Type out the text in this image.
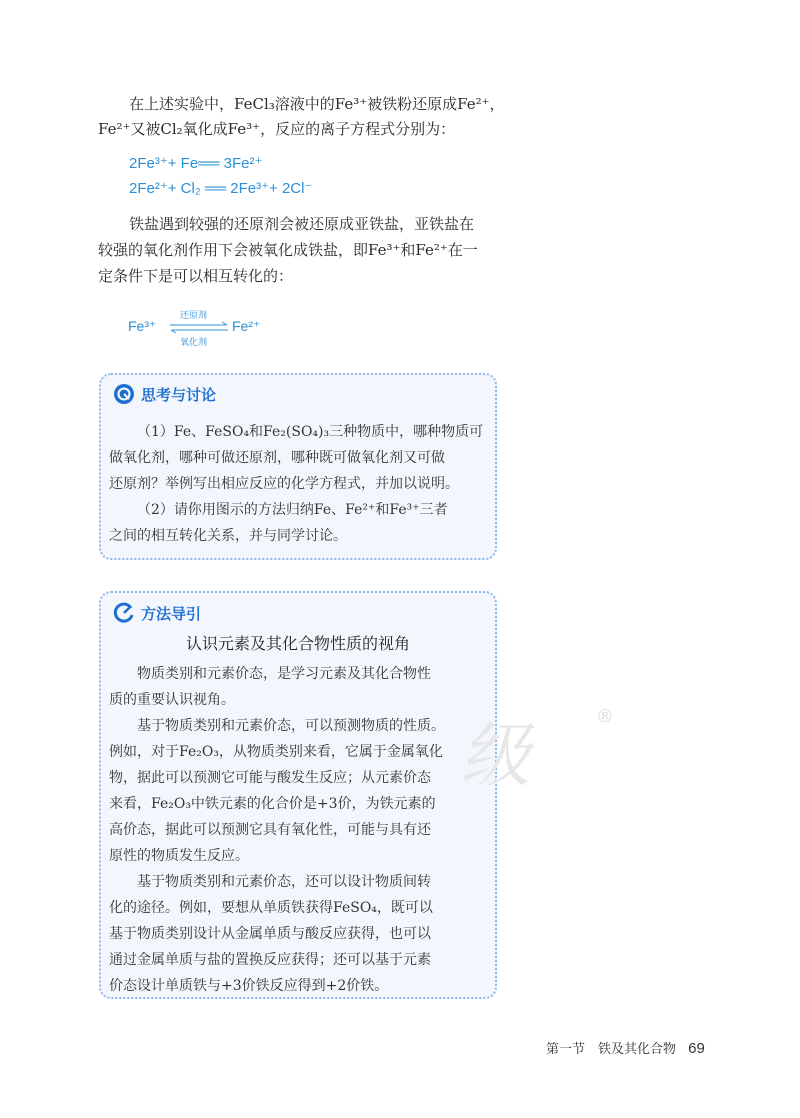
在上述实验中，FeCl₃溶液中的Fe³⁺被铁粉还原成Fe²⁺，
Fe²⁺又被Cl₂氧化成Fe³⁺，反应的离子方程式分别为：
2Fe³⁺+ Fe══ 3Fe²⁺
2Fe²⁺+ Cl₂ ══ 2Fe³⁺+ 2Cl⁻
铁盐遇到较强的还原剂会被还原成亚铁盐，亚铁盐在
较强的氧化剂作用下会被氧化成铁盐，即Fe³⁺和Fe²⁺在一
定条件下是可以相互转化的：
Fe³⁺
还原剂
氧化剂
Fe²⁺
思考与讨论
（1）Fe、FeSO₄和Fe₂(SO₄)₃三种物质中，哪种物质可
做氧化剂，哪种可做还原剂，哪种既可做氧化剂又可做
还原剂？举例写出相应反应的化学方程式，并加以说明。
（2）请你用图示的方法归纳Fe、Fe²⁺和Fe³⁺三者
之间的相互转化关系，并与同学讨论。
方法导引
认识元素及其化合物性质的视角
物质类别和元素价态，是学习元素及其化合物性
质的重要认识视角。
基于物质类别和元素价态，可以预测物质的性质。
例如，对于Fe₂O₃，从物质类别来看，它属于金属氧化
物，据此可以预测它可能与酸发生反应；从元素价态
来看，Fe₂O₃中铁元素的化合价是+3价，为铁元素的
高价态，据此可以预测它具有氧化性，可能与具有还
原性的物质发生反应。
基于物质类别和元素价态，还可以设计物质间转
化的途径。例如，要想从单质铁获得FeSO₄，既可以
基于物质类别设计从金属单质与酸反应获得，也可以
通过金属单质与盐的置换反应获得；还可以基于元素
价态设计单质铁与+3价铁反应得到+2价铁。
级	®
第一节　铁及其化合物 69
